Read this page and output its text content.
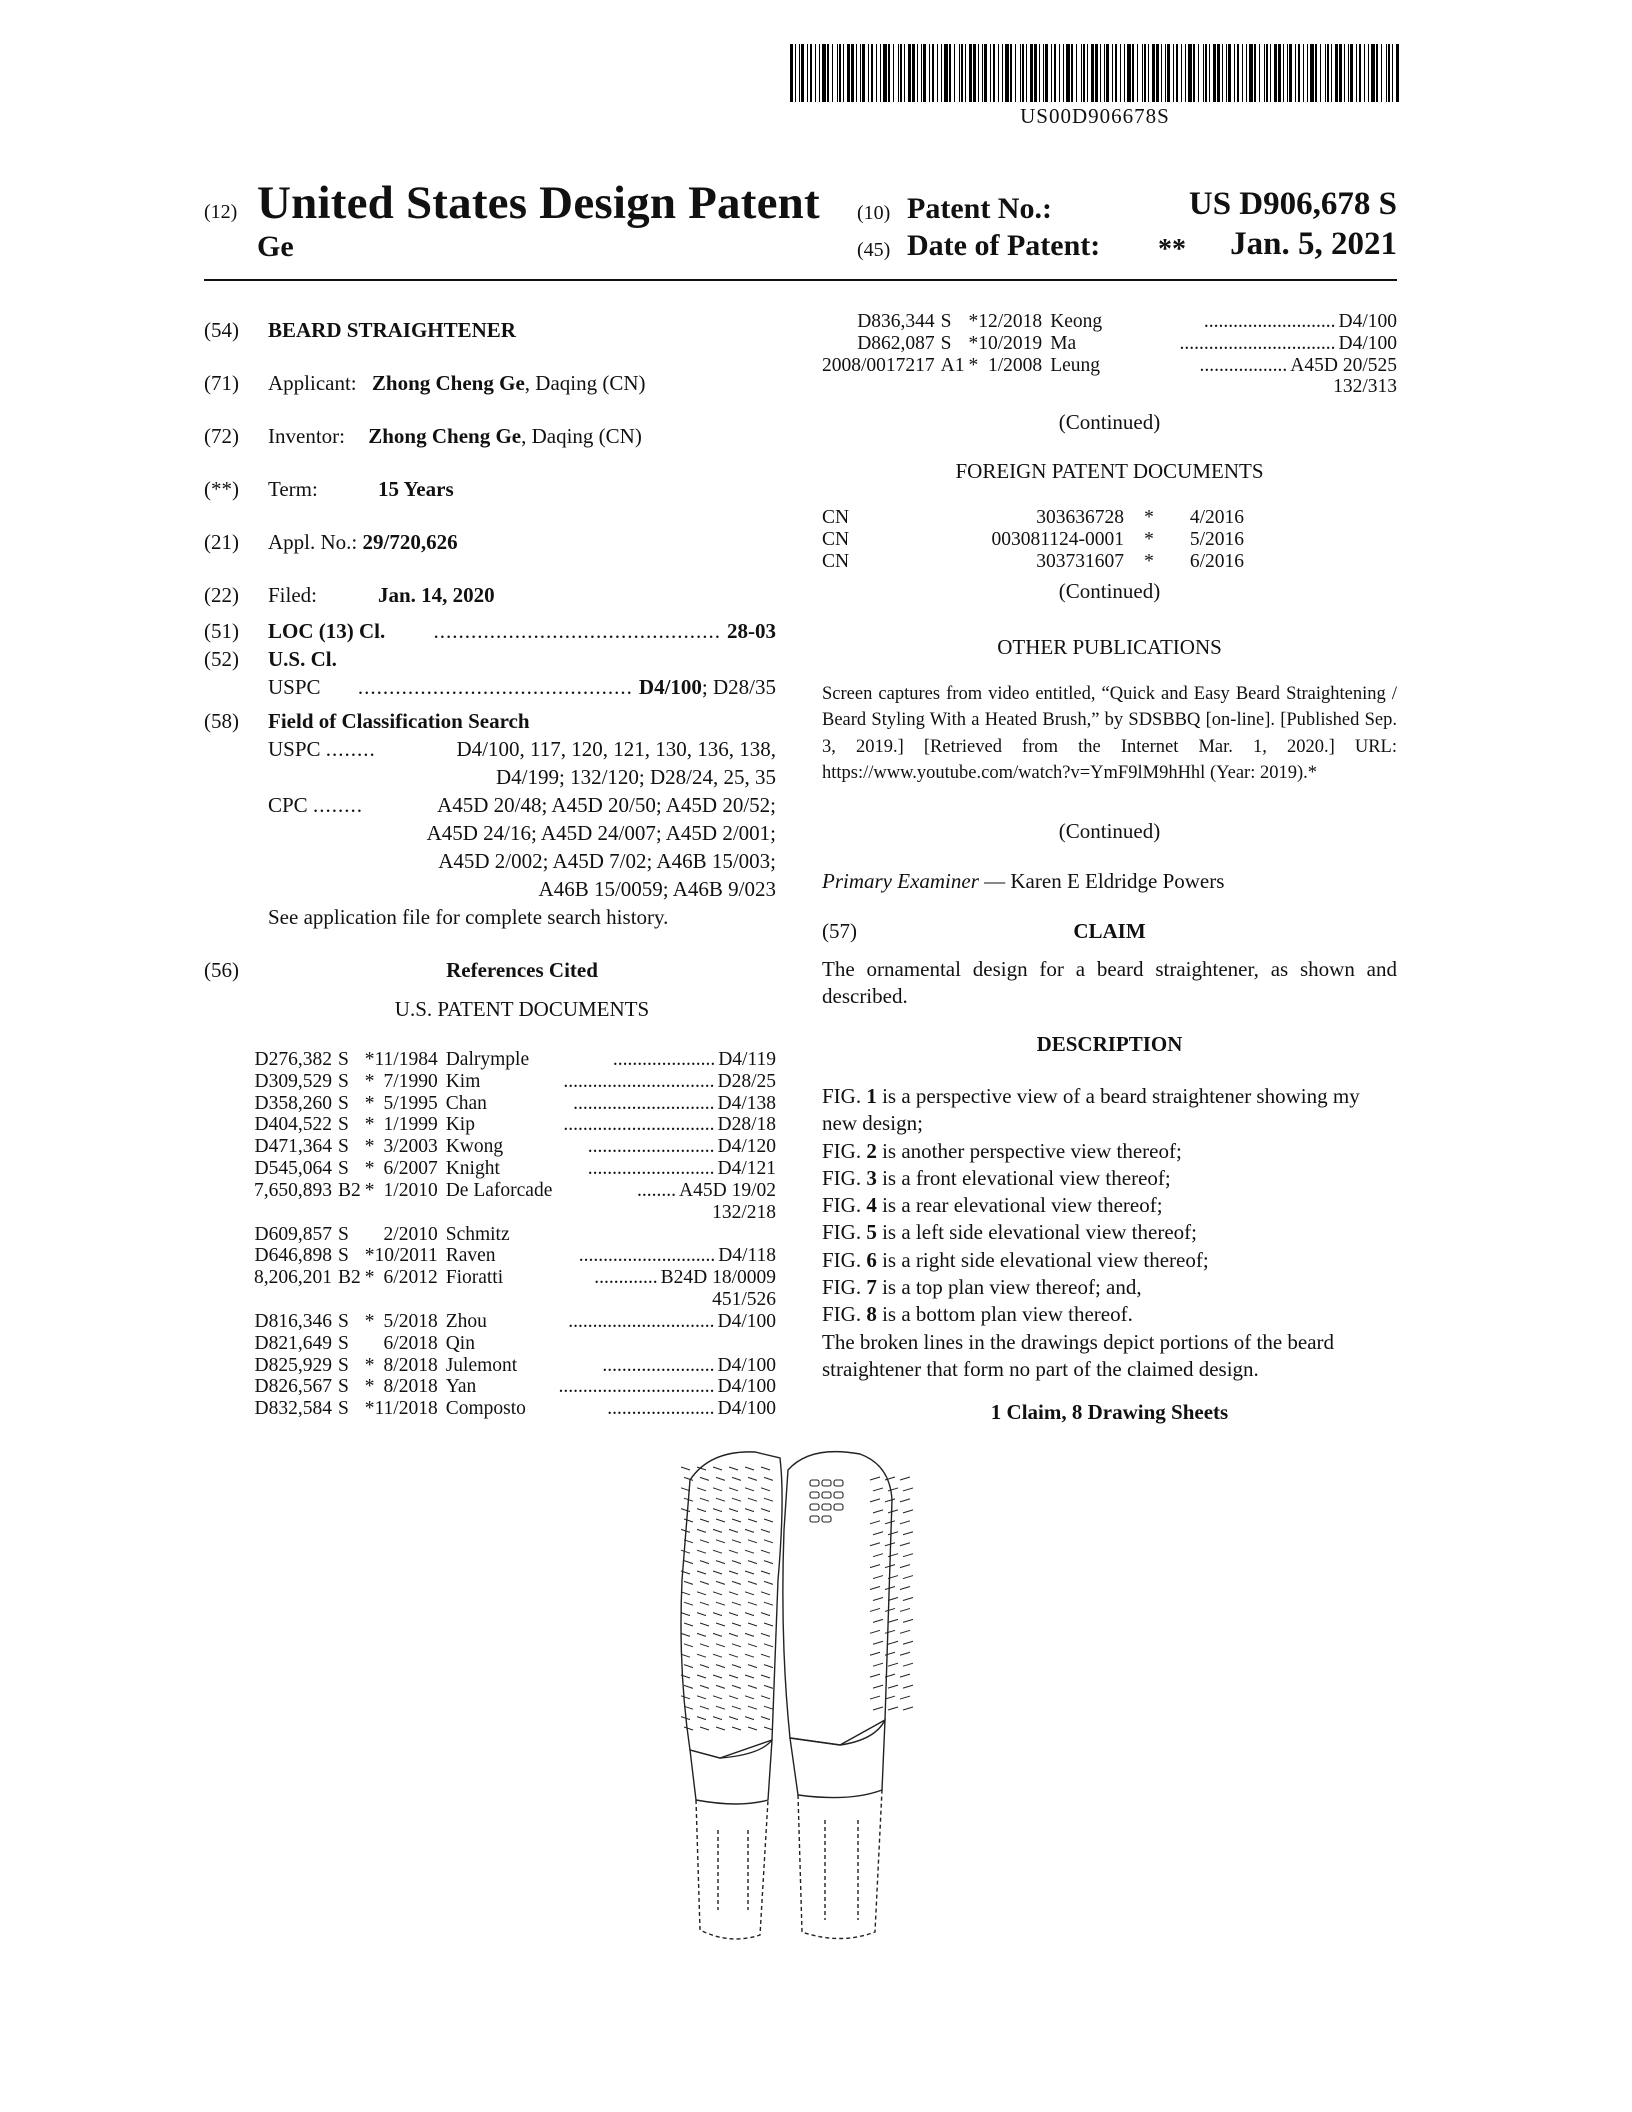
US00D906678S
(12) United States Design Patent
Ge
(10) Patent No.:	US D906,678 S
(45) Date of Patent: ** Jan. 5, 2021
(54) BEARD STRAIGHTENER
(71) Applicant: Zhong Cheng Ge, Daqing (CN)
(72) Inventor: Zhong Cheng Ge, Daqing (CN)
(**) Term:	15 Years
(21) Appl. No.: 29/720,626
(22) Filed:	Jan. 14, 2020
(51) LOC (13) Cl.	.............................................. 28-03
(52) U.S. Cl.
USPC	............................................ D4/100 ; D28/35
(58) Field of Classification Search
USPC ........	D4/100, 117, 120, 121, 130, 136, 138,
D4/199; 132/120; D28/24, 25, 35
CPC ........	A45D 20/48; A45D 20/50; A45D 20/52;
A45D 24/16; A45D 24/007; A45D 2/001;
A45D 2/002; A45D 7/02; A46B 15/003;
A46B 15/0059; A46B 9/023
See application file for complete search history.
(56)	References Cited
U.S. PATENT DOCUMENTS
D276,382	S	*	11/1984	Dalrymple ..................... D4/119

D309,529	S	*	7/1990	Kim ............................... D28/25

D358,260	S	*	5/1995	Chan ............................. D4/138

D404,522	S	*	1/1999	Kip ............................... D28/18

D471,364	S	*	3/2003	Kwong .......................... D4/120

D545,064	S	*	6/2007	Knight .......................... D4/121

7,650,893	B2	*	1/2010	De Laforcade ........ A45D 19/02

				132/218
D609,857	S		2/2010	Schmitz

D646,898	S	*	10/2011	Raven ............................ D4/118

8,206,201	B2	*	6/2012	Fioratti ............. B24D 18/0009

				451/526
D816,346	S	*	5/2018	Zhou .............................. D4/100

D821,649	S		6/2018	Qin

D825,929	S	*	8/2018	Julemont ....................... D4/100

D826,567	S	*	8/2018	Yan ................................ D4/100

D832,584	S	*	11/2018	Composto ...................... D4/100
D836,344	S	*	12/2018	Keong ........................... D4/100

D862,087	S	*	10/2019	Ma ................................ D4/100

2008/0017217	A1	*	1/2008	Leung .................. A45D 20/525

				132/313
(Continued)
FOREIGN PATENT DOCUMENTS
CN	303636728	*	4/2016
CN	003081124-0001	*	5/2016
CN	303731607	*	6/2016
(Continued)
OTHER PUBLICATIONS
Screen captures from video entitled, “Quick and Easy Beard Straightening / Beard Styling With a Heated Brush,” by SDSBBQ [on-line]. [Published Sep. 3, 2019.] [Retrieved from the Internet Mar. 1, 2020.] URL: https://www.youtube.com/watch?v=YmF9lM9hHhl (Year: 2019).*
(Continued)
Primary Examiner — Karen E Eldridge Powers
(57)	CLAIM
The ornamental design for a beard straightener, as shown and described.
DESCRIPTION

FIG. 1 is a perspective view of a beard straightener showing my new design;

FIG. 2 is another perspective view thereof;

FIG. 3 is a front elevational view thereof;

FIG. 4 is a rear elevational view thereof;

FIG. 5 is a left side elevational view thereof;

FIG. 6 is a right side elevational view thereof;

FIG. 7 is a top plan view thereof; and,

FIG. 8 is a bottom plan view thereof.

The broken lines in the drawings depict portions of the beard straightener that form no part of the claimed design.

1 Claim, 8 Drawing Sheets
